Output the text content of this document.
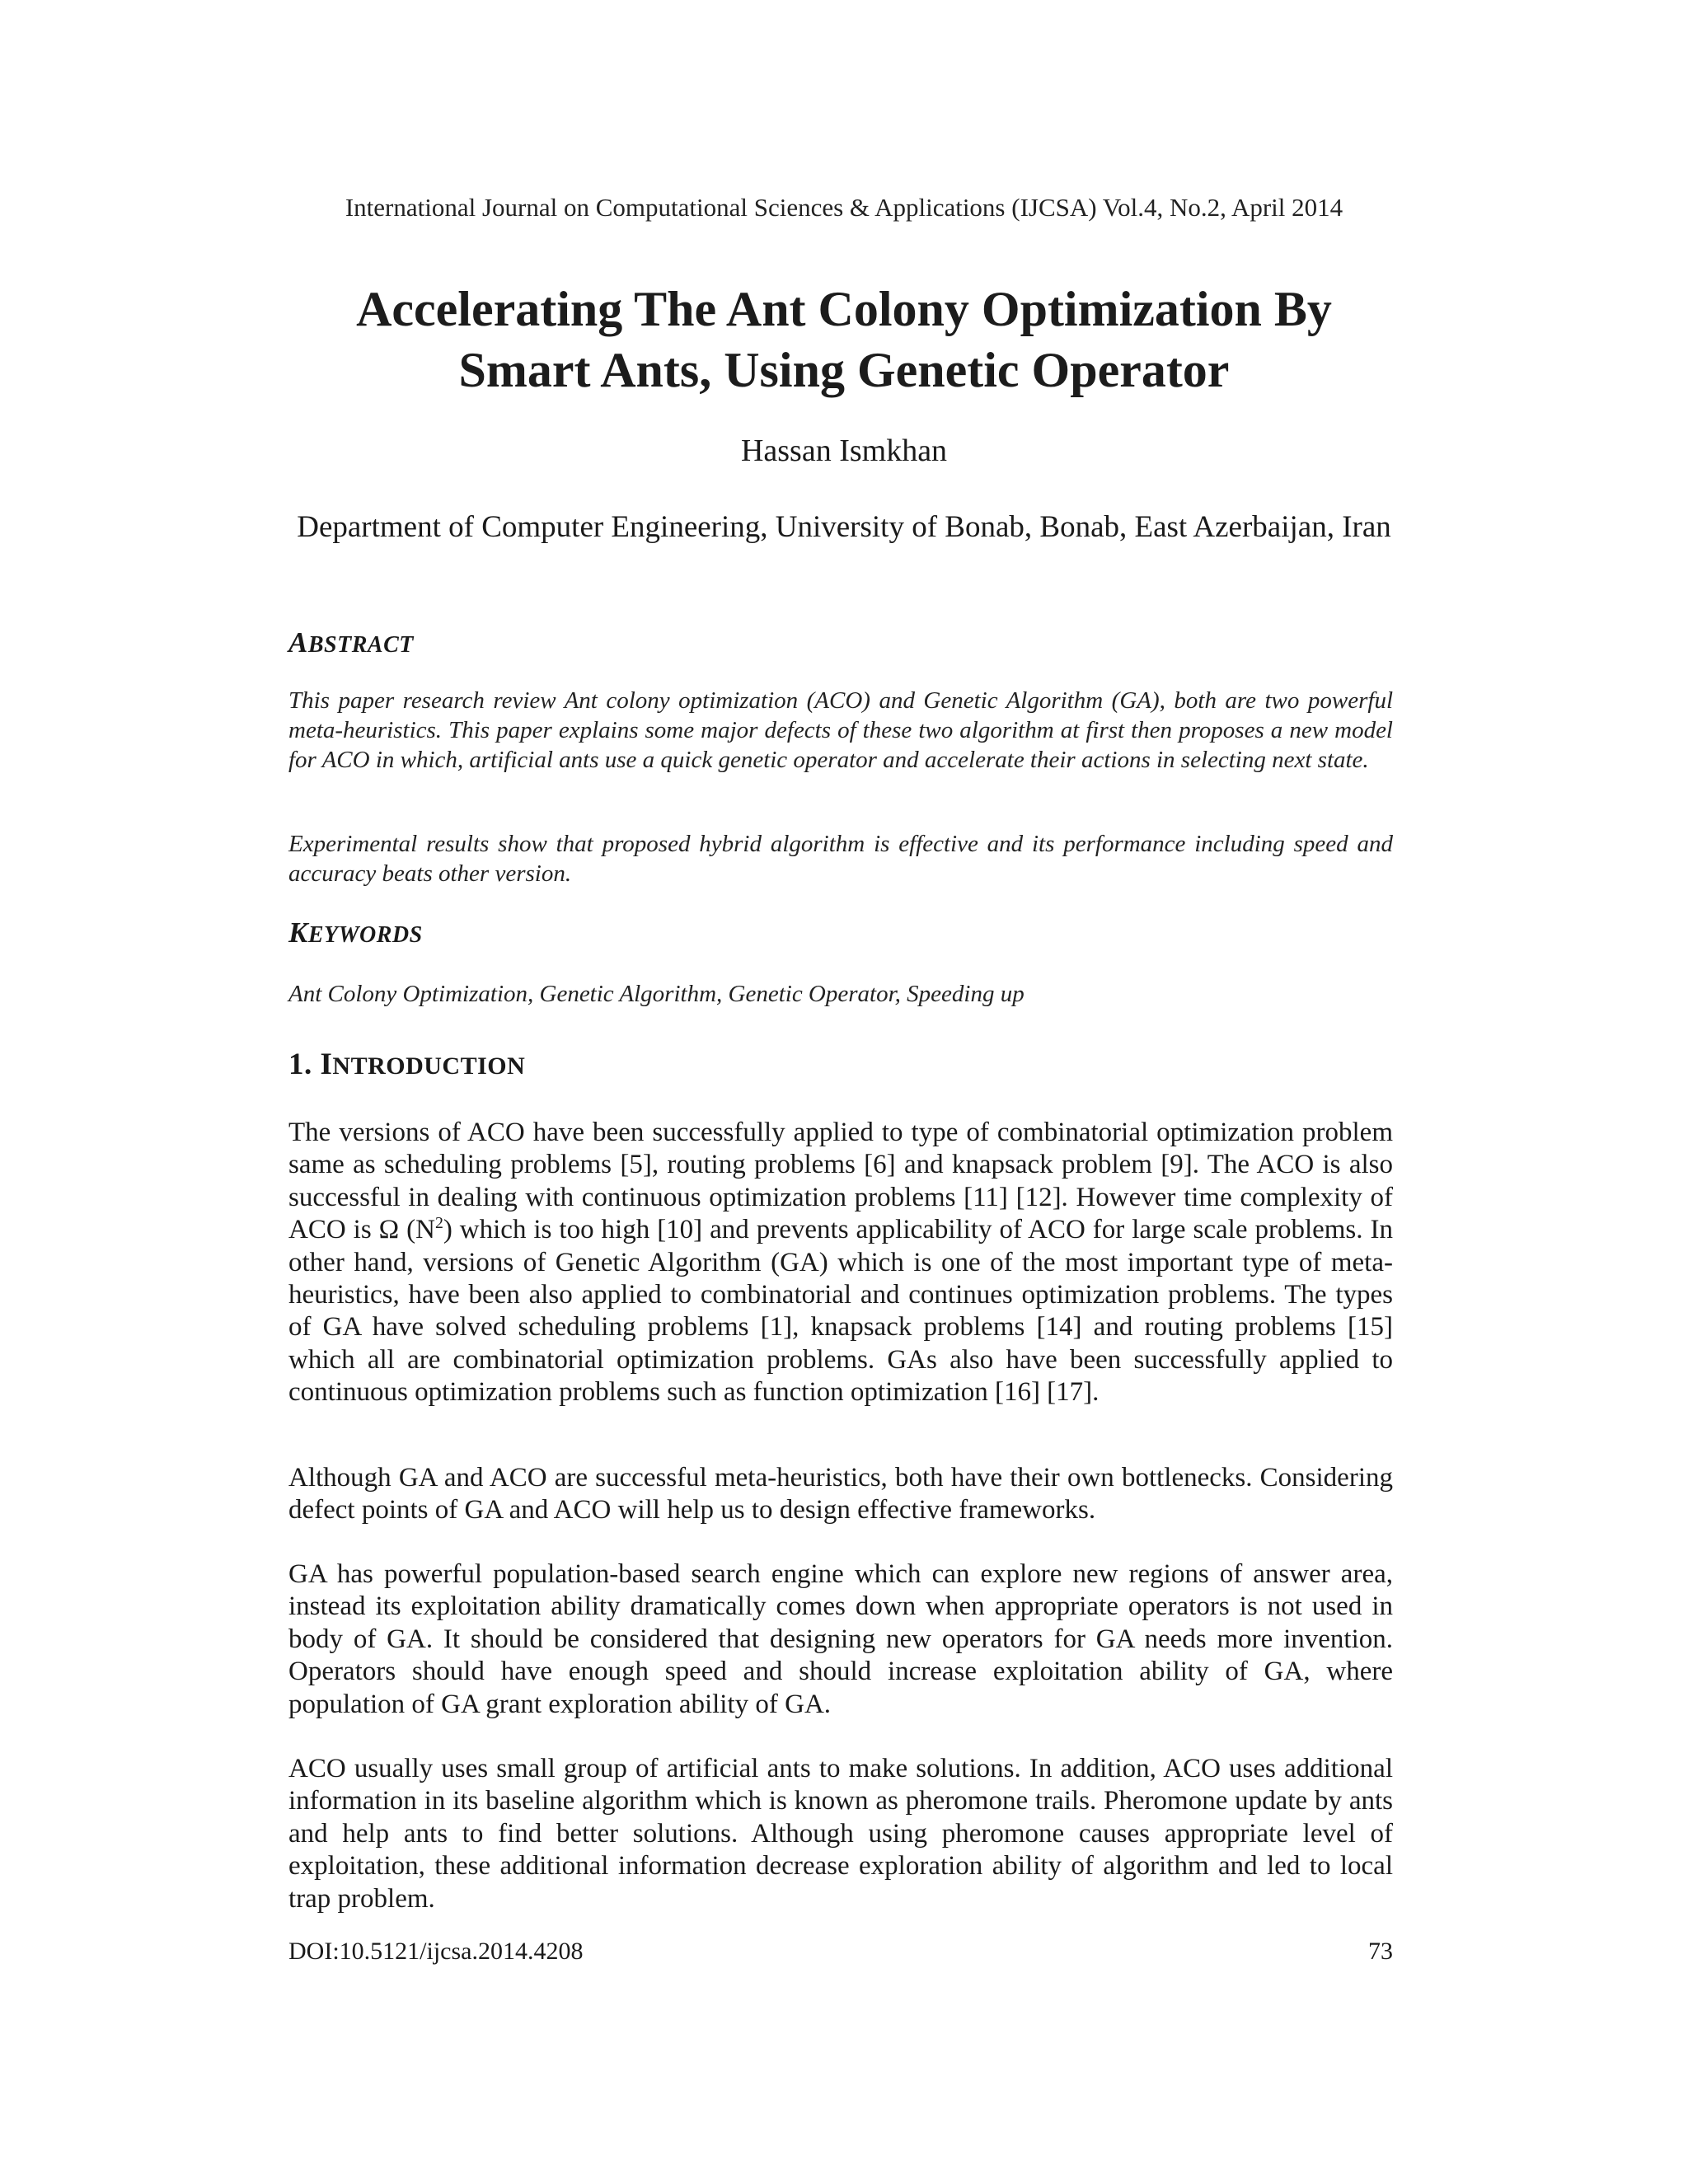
International Journal on Computational Sciences & Applications (IJCSA) Vol.4, No.2, April 2014
Accelerating The Ant Colony Optimization By
Smart Ants, Using Genetic Operator
Hassan Ismkhan
Department of Computer Engineering, University of Bonab, Bonab, East Azerbaijan, Iran
ABSTRACT
This paper research review Ant colony optimization (ACO) and Genetic Algorithm (GA), both are two powerful meta-heuristics. This paper explains some major defects of these two algorithm at first then proposes a new model for ACO in which, artificial ants use a quick genetic operator and accelerate their actions in selecting next state.
Experimental results show that proposed hybrid algorithm is effective and its performance including speed and accuracy beats other version.
KEYWORDS
Ant Colony Optimization, Genetic Algorithm, Genetic Operator, Speeding up
1. INTRODUCTION
The versions of ACO have been successfully applied to type of combinatorial optimization problem same as scheduling problems [5], routing problems [6] and knapsack problem [9]. The ACO is also successful in dealing with continuous optimization problems [11] [12]. However time complexity of ACO is Ω $(N^2)$ which is too high [10] and prevents applicability of ACO for large scale problems. In other hand, versions of Genetic Algorithm (GA) which is one of the most important type of meta-heuristics, have been also applied to combinatorial and continues optimization problems. The types of GA have solved scheduling problems [1], knapsack problems [14] and routing problems [15] which all are combinatorial optimization problems. GAs also have been successfully applied to continuous optimization problems such as function optimization [16] [17].
Although GA and ACO are successful meta-heuristics, both have their own bottlenecks. Considering defect points of GA and ACO will help us to design effective frameworks.
GA has powerful population-based search engine which can explore new regions of answer area, instead its exploitation ability dramatically comes down when appropriate operators is not used in body of GA. It should be considered that designing new operators for GA needs more invention. Operators should have enough speed and should increase exploitation ability of GA, where population of GA grant exploration ability of GA.
ACO usually uses small group of artificial ants to make solutions. In addition, ACO uses additional information in its baseline algorithm which is known as pheromone trails. Pheromone update by ants and help ants to find better solutions. Although using pheromone causes appropriate level of exploitation, these additional information decrease exploration ability of algorithm and led to local trap problem.
DOI:10.5121/ijcsa.2014.4208	73
